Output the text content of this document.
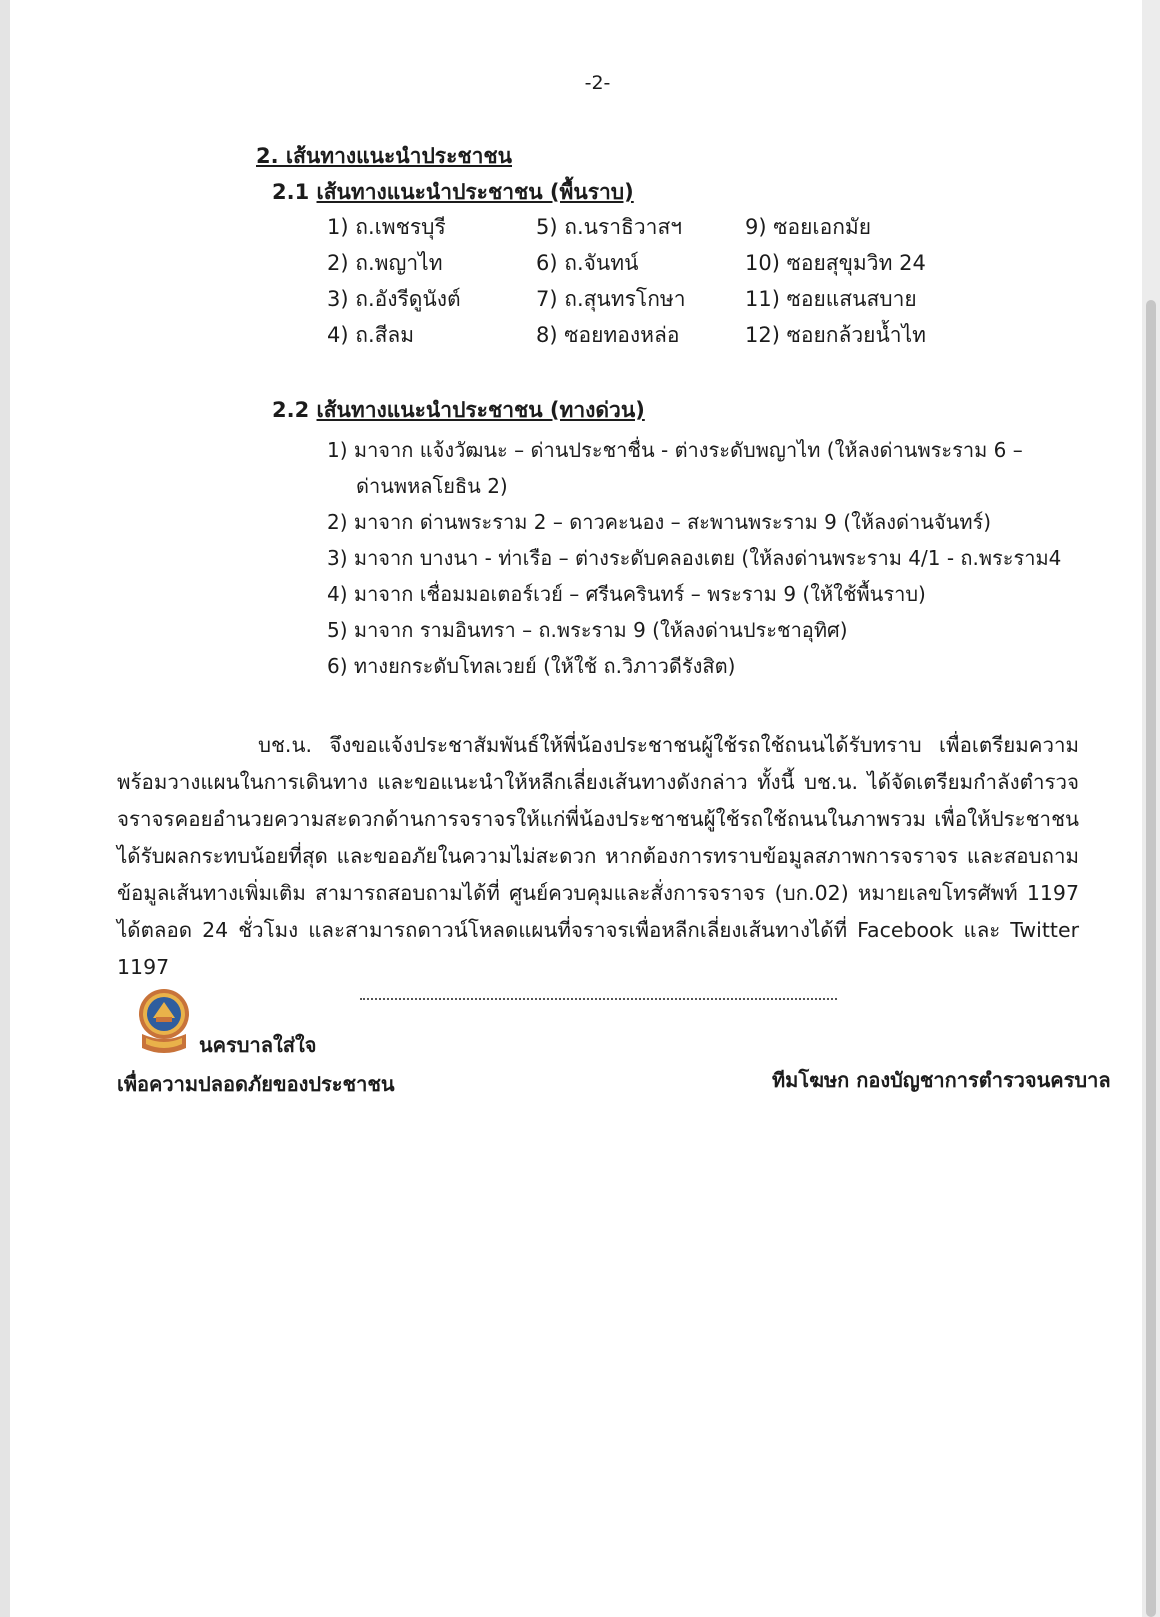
-2-
2. เส้นทางแนะนำประชาชน
2.1 เส้นทางแนะนำประชาชน (พื้นราบ)
1) ถ.เพชรบุรี
2) ถ.พญาไท
3) ถ.อังรีดูนังต์
4) ถ.สีลม
5) ถ.นราธิวาสฯ
6) ถ.จันทน์
7) ถ.สุนทรโกษา
8) ซอยทองหล่อ
9) ซอยเอกมัย
10) ซอยสุขุมวิท 24
11) ซอยแสนสบาย
12) ซอยกล้วยน้ำไท
2.2 เส้นทางแนะนำประชาชน (ทางด่วน)
1) มาจาก แจ้งวัฒนะ – ด่านประชาชื่น - ต่างระดับพญาไท (ให้ลงด่านพระราม 6 –
ด่านพหลโยธิน 2)
2) มาจาก ด่านพระราม 2 – ดาวคะนอง – สะพานพระราม 9 (ให้ลงด่านจันทร์)
3) มาจาก บางนา - ท่าเรือ – ต่างระดับคลองเตย (ให้ลงด่านพระราม 4/1 - ถ.พระราม4
4) มาจาก เชื่อมมอเตอร์เวย์ – ศรีนครินทร์ – พระราม 9 (ให้ใช้พื้นราบ)
5) มาจาก รามอินทรา – ถ.พระราม 9 (ให้ลงด่านประชาอุทิศ)
6) ทางยกระดับโทลเวยย์ (ให้ใช้ ถ.วิภาวดีรังสิต)
บช.น. จึงขอแจ้งประชาสัมพันธ์ให้พี่น้องประชาชนผู้ใช้รถใช้ถนนได้รับทราบ เพื่อเตรียมความ
พร้อมวางแผนในการเดินทาง และขอแนะนำให้หลีกเลี่ยงเส้นทางดังกล่าว ทั้งนี้ บช.น. ได้จัดเตรียมกำลังตำรวจ
จราจรคอยอำนวยความสะดวกด้านการจราจรให้แก่พี่น้องประชาชนผู้ใช้รถใช้ถนนในภาพรวม เพื่อให้ประชาชน
ได้รับผลกระทบน้อยที่สุด และขออภัยในความไม่สะดวก หากต้องการทราบข้อมูลสภาพการจราจร และสอบถาม
ข้อมูลเส้นทางเพิ่มเติม สามารถสอบถามได้ที่ ศูนย์ควบคุมและสั่งการจราจร (บก.02) หมายเลขโทรศัพท์ 1197
ได้ตลอด 24 ชั่วโมง และสามารถดาวน์โหลดแผนที่จราจรเพื่อหลีกเลี่ยงเส้นทางได้ที่ Facebook และ Twitter
1197
นครบาลใส่ใจ
เพื่อความปลอดภัยของประชาชน	ทีมโฆษก กองบัญชาการตำรวจนครบาล
